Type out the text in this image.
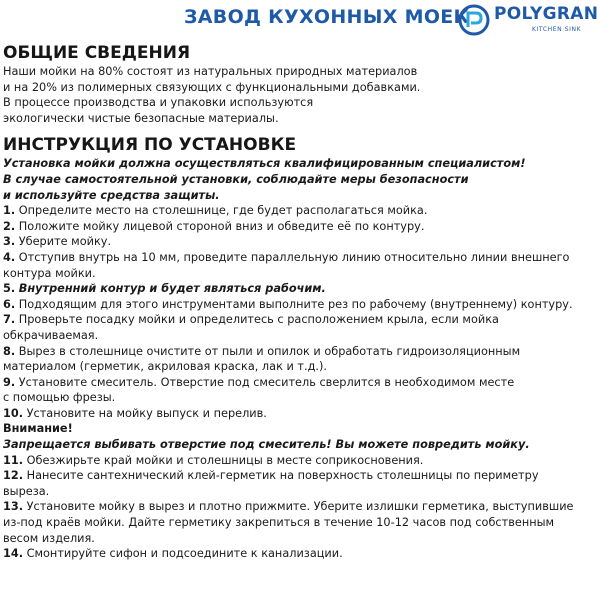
ЗАВОД КУХОННЫХ МОЕК POLYGRAN
KITCHEN SINK
ОБЩИЕ СВЕДЕНИЯ
Наши мойки на 80% состоят из натуральных природных материалов
и на 20% из полимерных связующих с функциональными добавками.
В процессе производства и упаковки используются
экологически чистые безопасные материалы.
ИНСТРУКЦИЯ ПО УСТАНОВКЕ
Установка мойки должна осуществляться квалифицированным специалистом!
В случае самостоятельной установки, соблюдайте меры безопасности
и используйте средства защиты.
1. Определите место на столешнице, где будет располагаться мойка.
2. Положите мойку лицевой стороной вниз и обведите её по контуру.
3. Уберите мойку.
4. Отступив внутрь на 10 мм, проведите параллельную линию относительно линии внешнего
контура мойки.
5. Внутренний контур и будет являться рабочим.
6. Подходящим для этого инструментами выполните рез по рабочему (внутреннему) контуру.
7. Проверьте посадку мойки и определитесь с расположением крыла, если мойка
обкрачиваемая.
8. Вырез в столешнице очистите от пыли и опилок и обработать гидроизоляционным
материалом (герметик, акриловая краска, лак и т.д.).
9. Установите смеситель. Отверстие под смеситель сверлится в необходимом месте
с помощью фрезы.
10. Установите на мойку выпуск и перелив.
Внимание!
Запрещается выбивать отверстие под смеситель! Вы можете повредить мойку.
11. Обезжирьте край мойки и столешницы в месте соприкосновения.
12. Нанесите сантехнический клей-герметик на поверхность столешницы по периметру
выреза.
13. Установите мойку в вырез и плотно прижмите. Уберите излишки герметика, выступившие
из-под краёв мойки. Дайте герметику закрепиться в течение 10-12 часов под собственным
весом изделия.
14. Смонтируйте сифон и подсоедините к канализации.
